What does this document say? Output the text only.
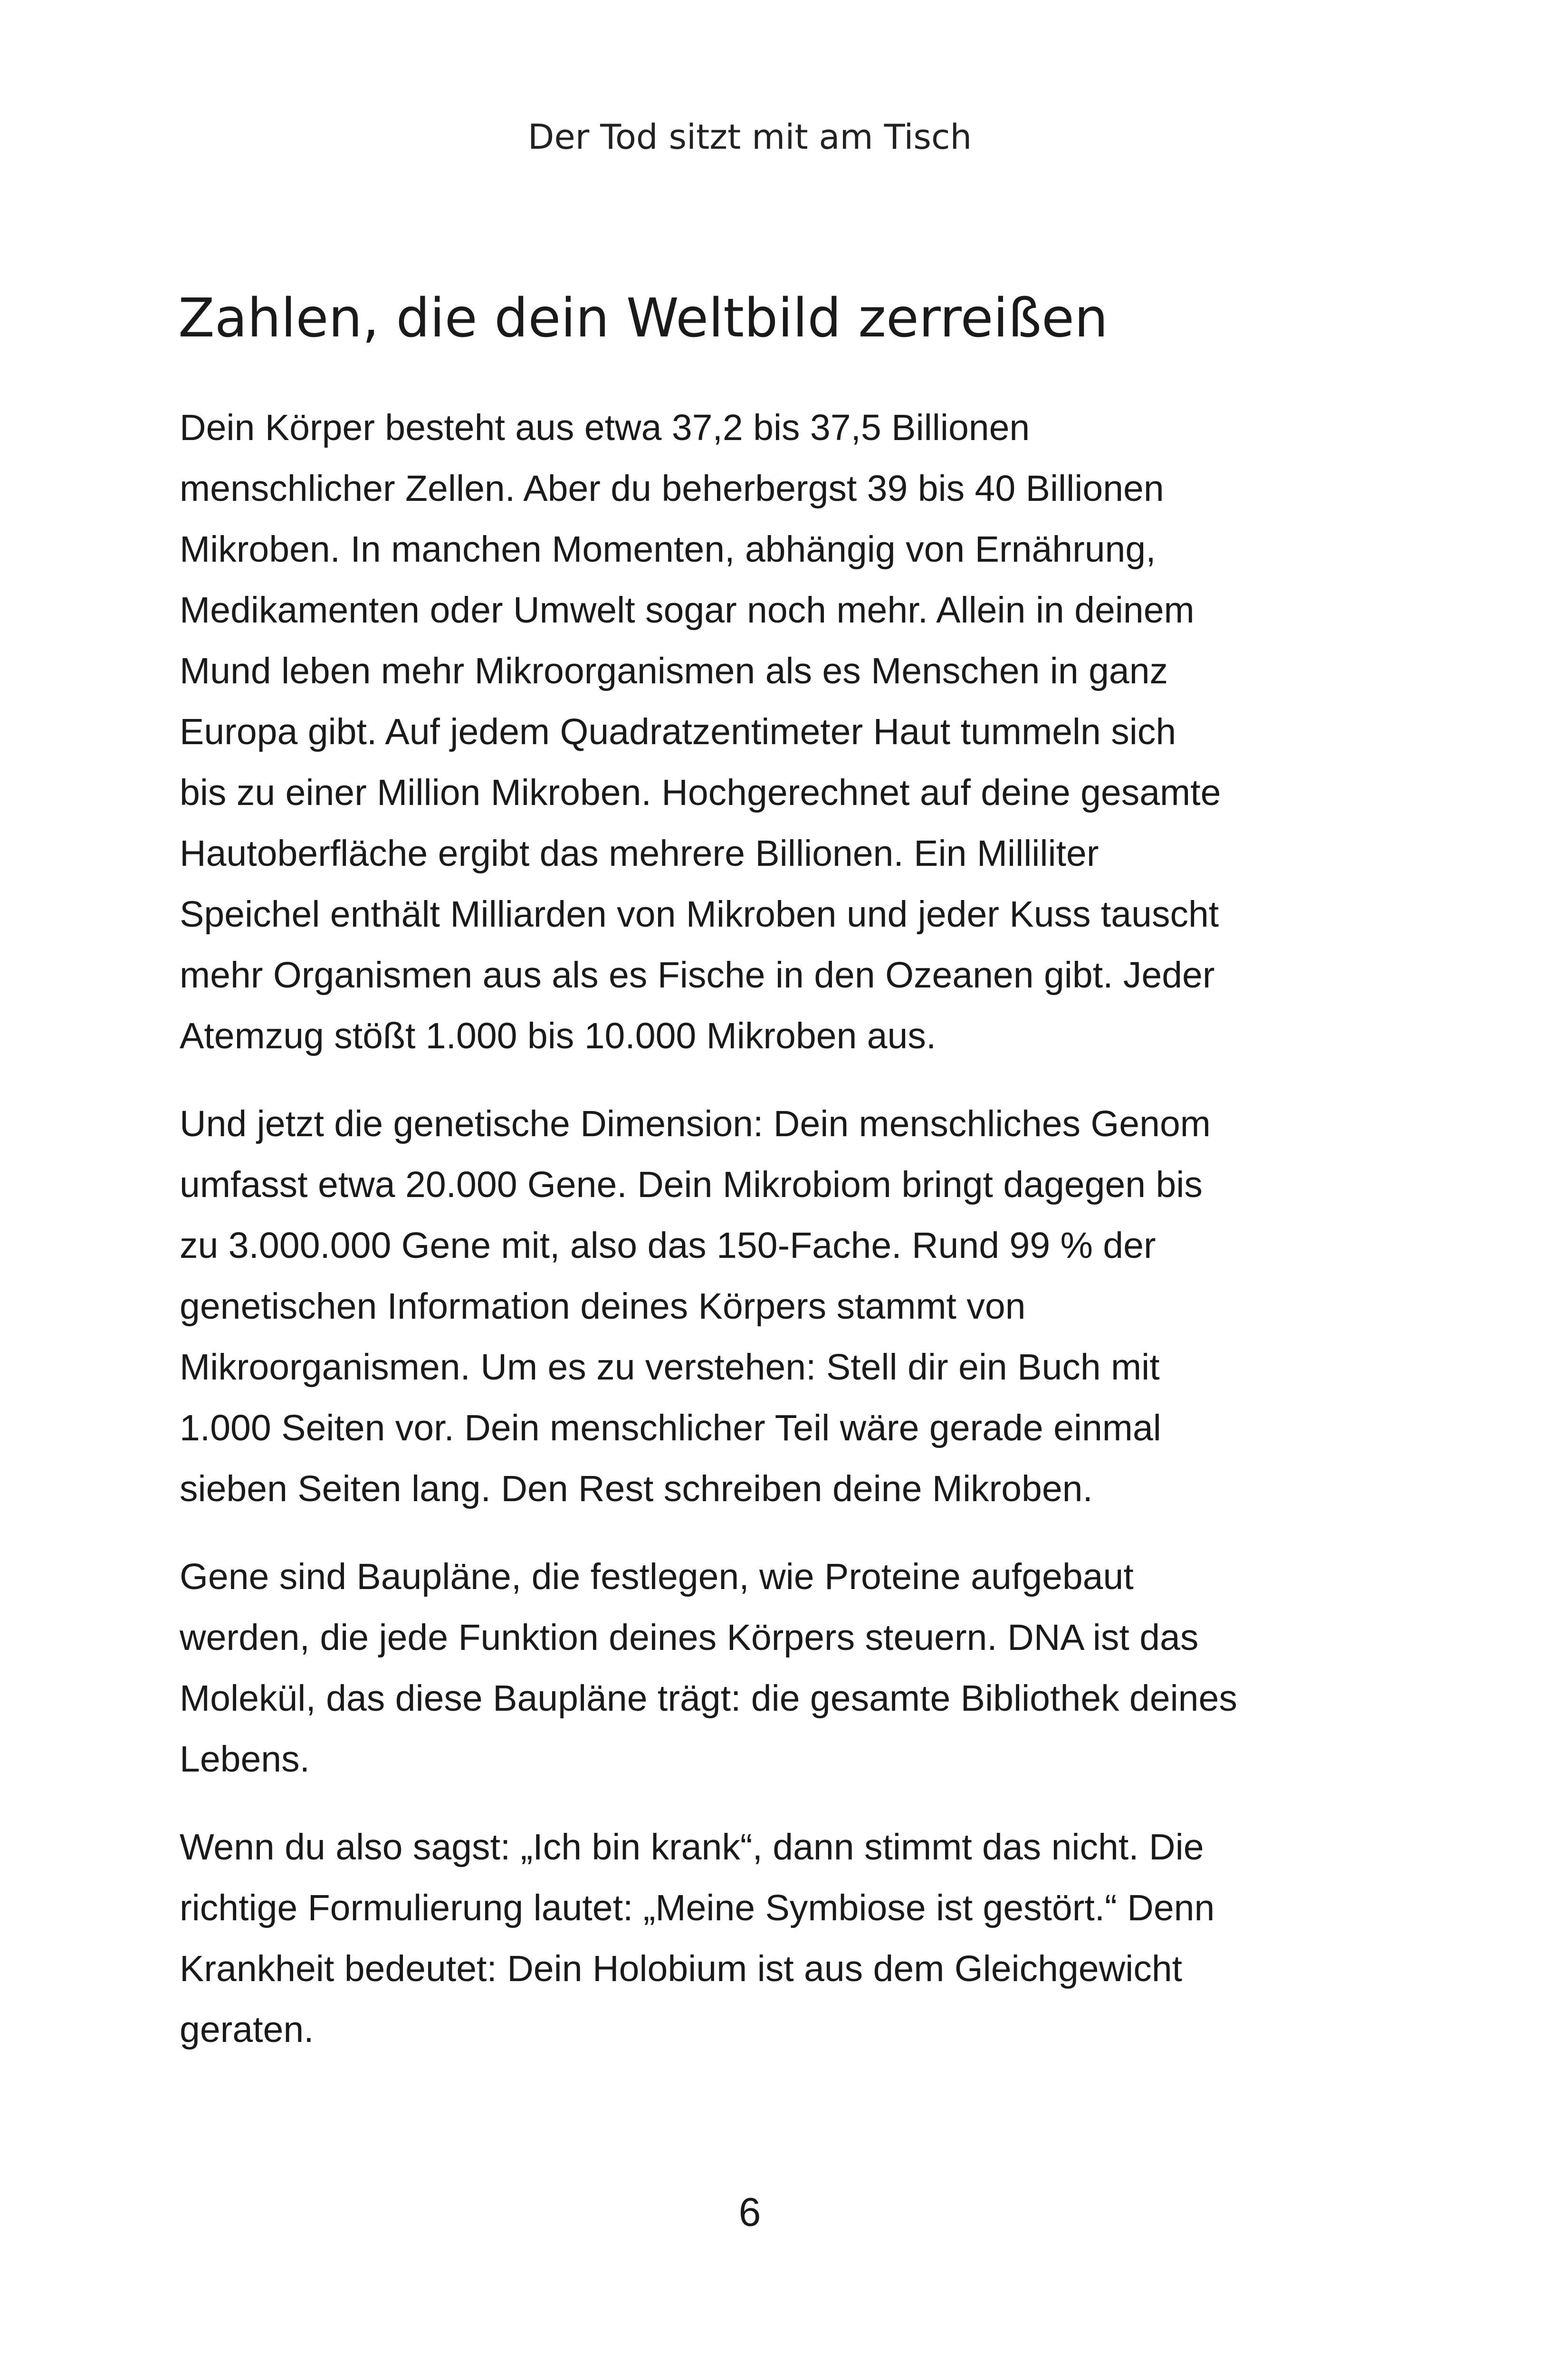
Der Tod sitzt mit am Tisch
Zahlen, die dein Weltbild zerreißen

Dein Körper besteht aus etwa 37,2 bis 37,5 Billionen
menschlicher Zellen. Aber du beherbergst 39 bis 40 Billionen
Mikroben. In manchen Momenten, abhängig von Ernährung,
Medikamenten oder Umwelt sogar noch mehr. Allein in deinem
Mund leben mehr Mikroorganismen als es Menschen in ganz
Europa gibt. Auf jedem Quadratzentimeter Haut tummeln sich
bis zu einer Million Mikroben. Hochgerechnet auf deine gesamte
Hautoberfläche ergibt das mehrere Billionen. Ein Milliliter
Speichel enthält Milliarden von Mikroben und jeder Kuss tauscht
mehr Organismen aus als es Fische in den Ozeanen gibt. Jeder
Atemzug stößt 1.000 bis 10.000 Mikroben aus.

Und jetzt die genetische Dimension: Dein menschliches Genom
umfasst etwa 20.000 Gene. Dein Mikrobiom bringt dagegen bis
zu 3.000.000 Gene mit, also das 150-Fache. Rund 99 % der
genetischen Information deines Körpers stammt von
Mikroorganismen. Um es zu verstehen: Stell dir ein Buch mit
1.000 Seiten vor. Dein menschlicher Teil wäre gerade einmal
sieben Seiten lang. Den Rest schreiben deine Mikroben.

Gene sind Baupläne, die festlegen, wie Proteine aufgebaut
werden, die jede Funktion deines Körpers steuern. DNA ist das
Molekül, das diese Baupläne trägt: die gesamte Bibliothek deines
Lebens.

Wenn du also sagst: „Ich bin krank“, dann stimmt das nicht. Die
richtige Formulierung lautet: „Meine Symbiose ist gestört.“ Denn
Krankheit bedeutet: Dein Holobium ist aus dem Gleichgewicht
geraten.

6
